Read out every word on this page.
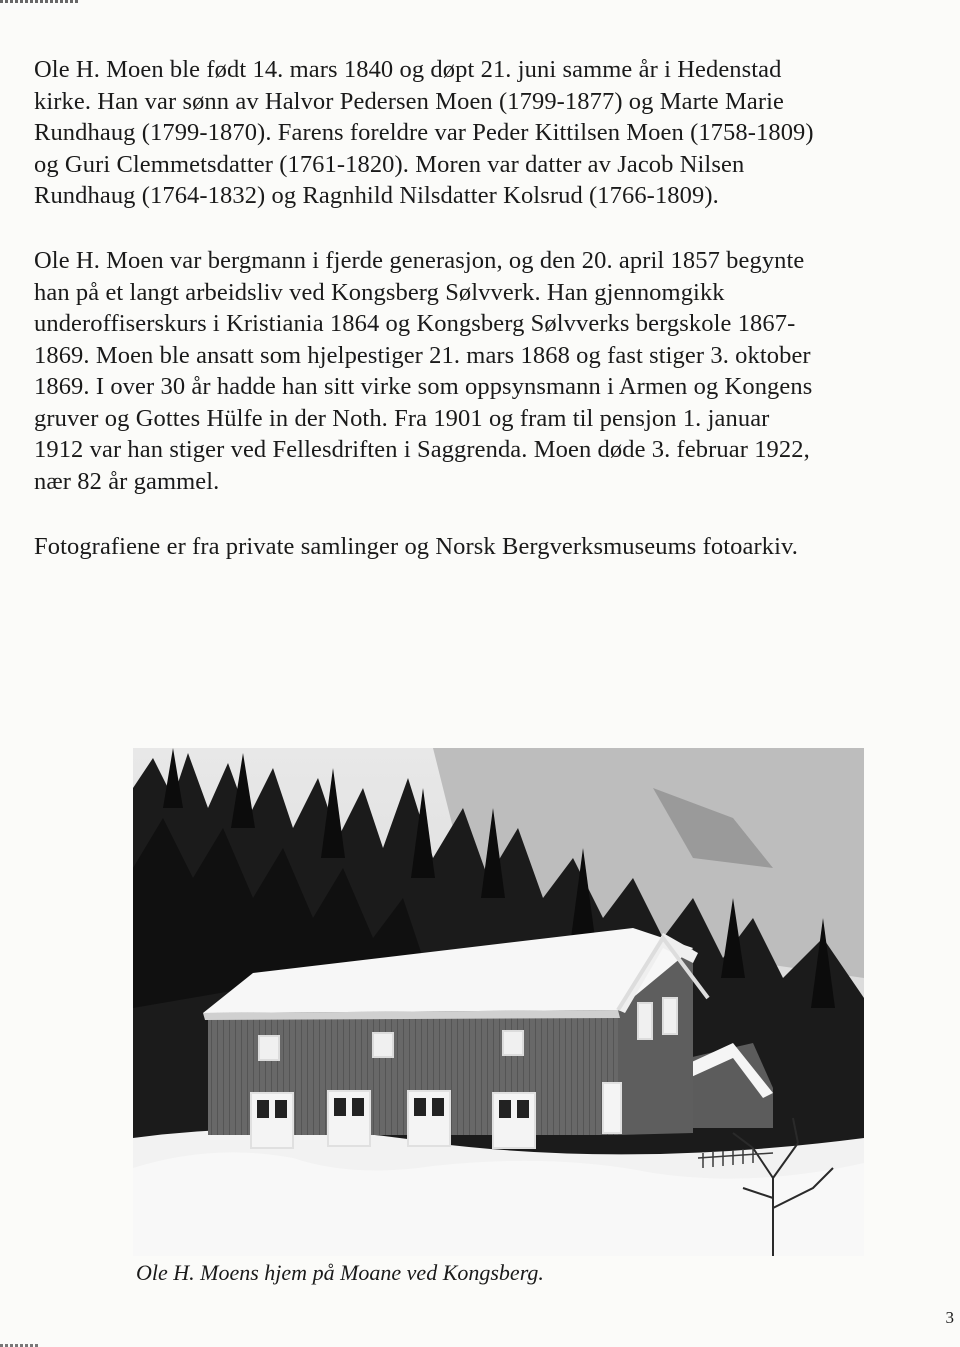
Ole H. Moen ble født 14. mars 1840 og døpt 21. juni samme år i Hedenstad
kirke. Han var sønn av Halvor Pedersen Moen (1799-1877) og Marte Marie
Rundhaug (1799-1870). Farens foreldre var Peder Kittilsen Moen (1758-1809)
og Guri Clemmetsdatter (1761-1820). Moren var datter av Jacob Nilsen
Rundhaug (1764-1832) og Ragnhild Nilsdatter Kolsrud (1766-1809).

Ole H. Moen var bergmann i fjerde generasjon, og den 20. april 1857 begynte
han på et langt arbeidsliv ved Kongsberg Sølvverk. Han gjennomgikk
underoffiserskurs i Kristiania 1864 og Kongsberg Sølvverks bergskole 1867-
1869. Moen ble ansatt som hjelpestiger 21. mars 1868 og fast stiger 3. oktober
1869. I over 30 år hadde han sitt virke som oppsynsmann i Armen og Kongens
gruver og Gottes Hülfe in der Noth. Fra 1901 og fram til pensjon 1. januar
1912 var han stiger ved Fellesdriften i Saggrenda. Moen døde 3. februar 1922,
nær 82 år gammel.

Fotografiene er fra private samlinger og Norsk Bergverksmuseums fotoarkiv.

Ole H. Moens hjem på Moane ved Kongsberg.
3
